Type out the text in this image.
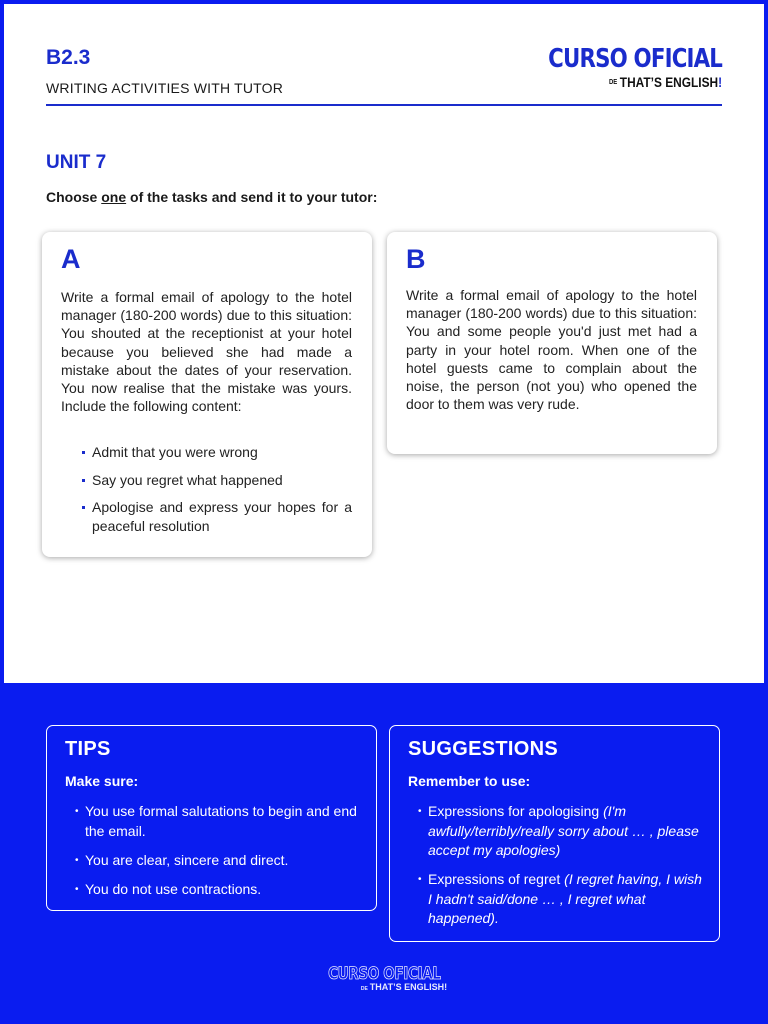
B2.3
WRITING ACTIVITIES WITH TUTOR
CURSO OFICIAL
DE THAT’S ENGLISH!
UNIT 7
Choose one of the tasks and send it to your tutor:
A
Write a formal email of apology to the hotel manager (180-200 words) due to this situation: You shouted at the receptionist at your hotel because you believed she had made a mistake about the dates of your reservation. You now realise that the mistake was yours. Include the following content:
Admit that you were wrong
Say you regret what happened
Apologise and express your hopes for a peaceful resolution
B
Write a formal email of apology to the hotel manager (180-200 words) due to this situation: You and some people you'd just met had a party in your hotel room. When one of the hotel guests came to complain about the noise, the person (not you) who opened the door to them was very rude.
TIPS
Make sure:
• You use formal salutations to begin and end the email.
• You are clear, sincere and direct.
• You do not use contractions.
SUGGESTIONS
Remember to use:
• Expressions for apologising (I'm awfully/terribly/really sorry about … , please accept my apologies)
• Expressions of regret (I regret having, I wish I hadn't said/done … , I regret what happened).
CURSO OFICIAL
DE THAT’S ENGLISH!
